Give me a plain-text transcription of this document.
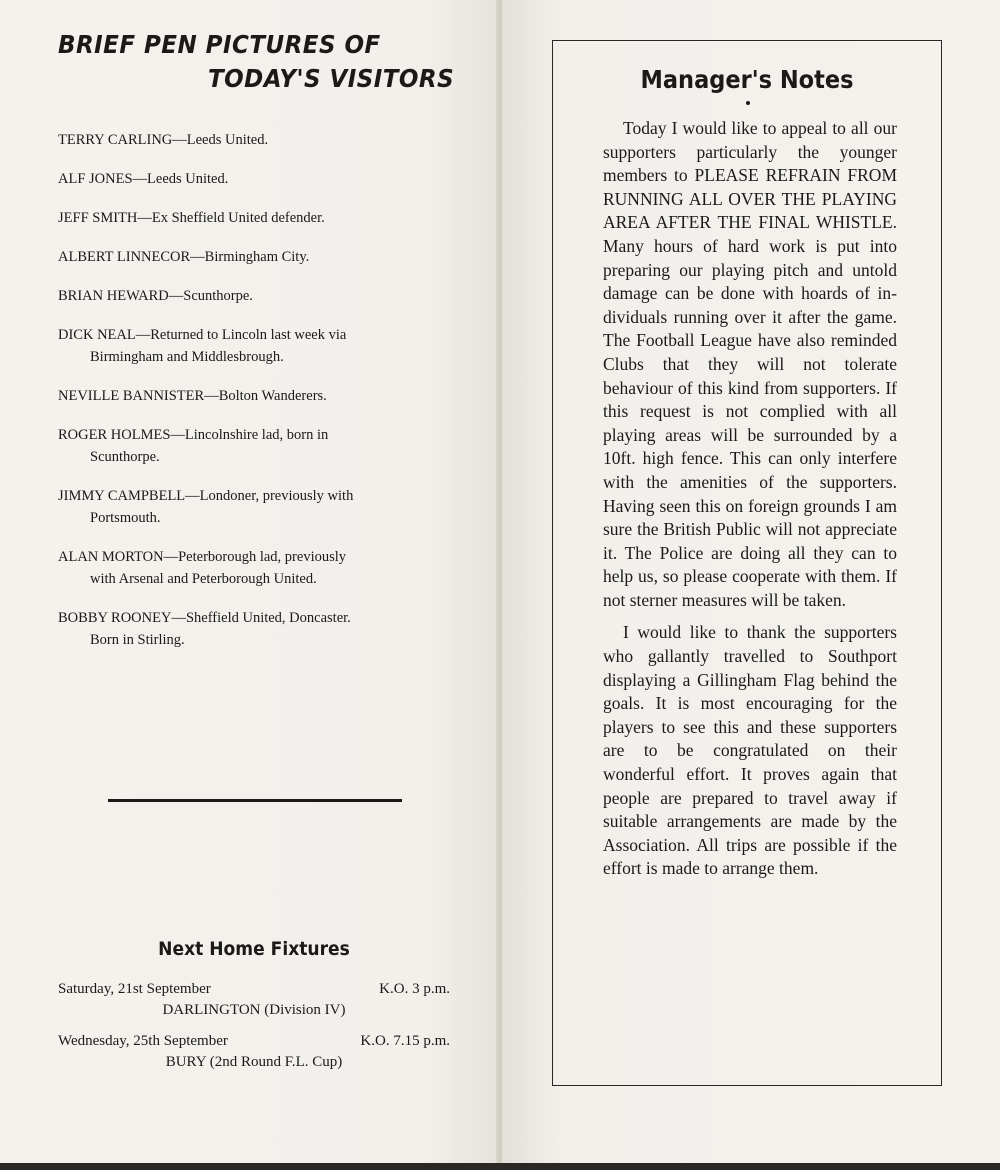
BRIEF PEN PICTURES OF
TODAY'S VISITORS
TERRY CARLING—Leeds United.
ALF JONES—Leeds United.
JEFF SMITH—Ex Sheffield United defender.
ALBERT LINNECOR—Birmingham City.
BRIAN HEWARD—Scunthorpe.
DICK NEAL—Returned to Lincoln last week via
Birmingham and Middlesbrough.
NEVILLE BANNISTER—Bolton Wanderers.
ROGER HOLMES—Lincolnshire lad, born in
Scunthorpe.
JIMMY CAMPBELL—Londoner, previously with
Portsmouth.
ALAN MORTON—Peterborough lad, previously
with Arsenal and Peterborough United.
BOBBY ROONEY—Sheffield United, Doncaster.
Born in Stirling.
Next Home Fixtures
Saturday, 21st September	K.O. 3 p.m.
DARLINGTON (Division IV)
Wednesday, 25th September	K.O. 7.15 p.m.
BURY (2nd Round F.L. Cup)
Manager's Notes

Today I would like to appeal to all our supporters particularly the younger members to PLEASE REFRAIN FROM RUNNING ALL OVER THE PLAYING AREA AFTER THE FINAL WHISTLE. Many hours of hard work is put into preparing our playing pitch and untold damage can be done with hoards of individuals running over it after the game. The Football League have also reminded Clubs that they will not tolerate behaviour of this kind from supporters. If this request is not complied with all playing areas will be surrounded by a 10ft. high fence. This can only interfere with the amenities of the supporters. Having seen this on foreign grounds I am sure the British Public will not appreciate it. The Police are doing all they can to help us, so please cooperate with them. If not sterner measures will be taken.

I would like to thank the supporters who gallantly travelled to Southport displaying a Gillingham Flag behind the goals. It is most encouraging for the players to see this and these supporters are to be congratulated on their wonderful effort. It proves again that people are prepared to travel away if suitable arrangements are made by the Association. All trips are possible if the effort is made to arrange them.
